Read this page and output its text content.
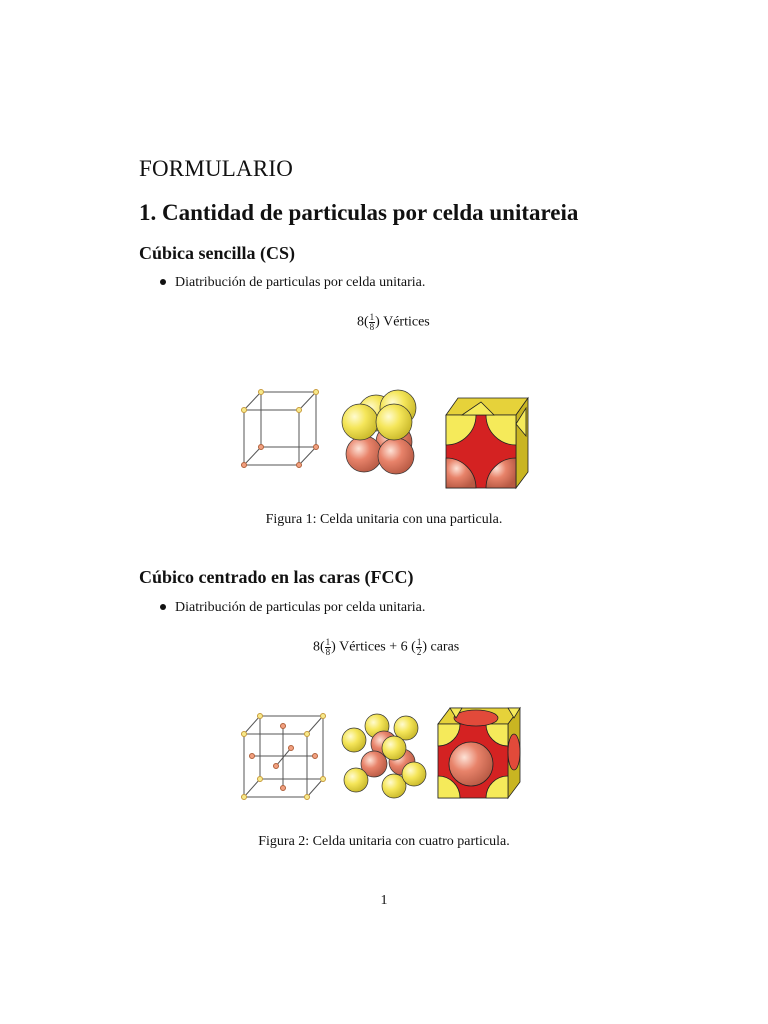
FORMULARIO
1. Cantidad de particulas por celda unitareia
Cúbica sencilla (CS)
Diatribución de particulas por celda unitaria.
$8( \frac{1}{8}$ ) Vértices
Figura 1: Celda unitaria con una particula.
Cúbico centrado en las caras (FCC)
Diatribución de particulas por celda unitaria.
$8( \frac{1}{8}$ ) Vértices + 6 ( $\frac{1}{2}$ ) caras
Figura 2: Celda unitaria con cuatro particula.
1
